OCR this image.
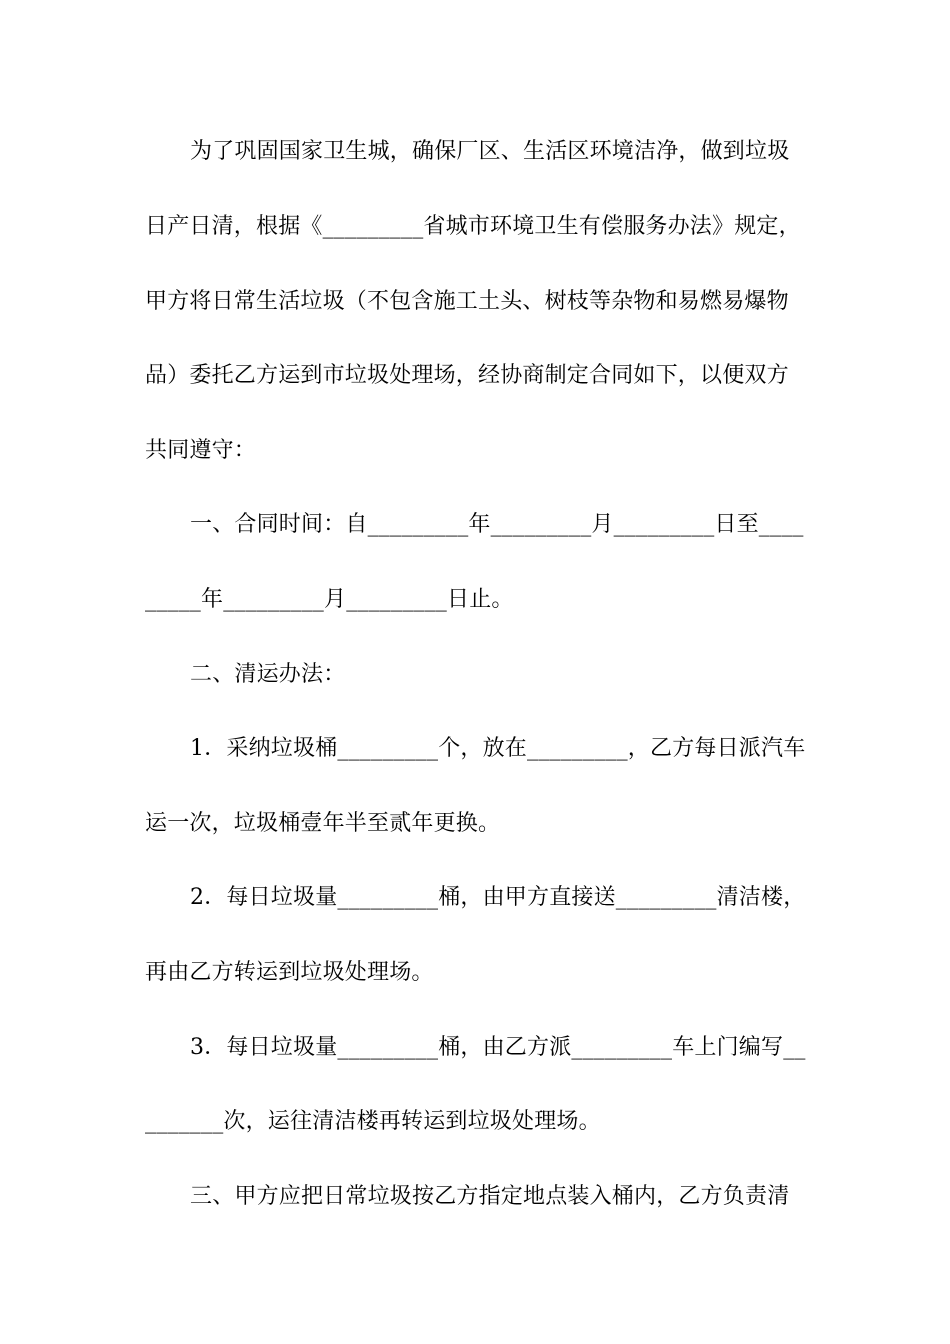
为了巩固国家卫生城，确保厂区、生活区环境洁净，做到垃圾
日产日清，根据《_________省城市环境卫生有偿服务办法》规定，
甲方将日常生活垃圾（不包含施工土头、树枝等杂物和易燃易爆物
品）委托乙方运到市垃圾处理场，经协商制定合同如下，以便双方
共同遵守：
一、合同时间：自_________年_________月_________日至____
_____年_________月_________日止。
二、清运办法：
1．采纳垃圾桶_________个，放在_________，乙方每日派汽车
运一次，垃圾桶壹年半至贰年更换。
2．每日垃圾量_________桶，由甲方直接送_________清洁楼，
再由乙方转运到垃圾处理场。
3．每日垃圾量_________桶，由乙方派_________车上门编写__
_______次，运往清洁楼再转运到垃圾处理场。
三、甲方应把日常垃圾按乙方指定地点装入桶内，乙方负责清
